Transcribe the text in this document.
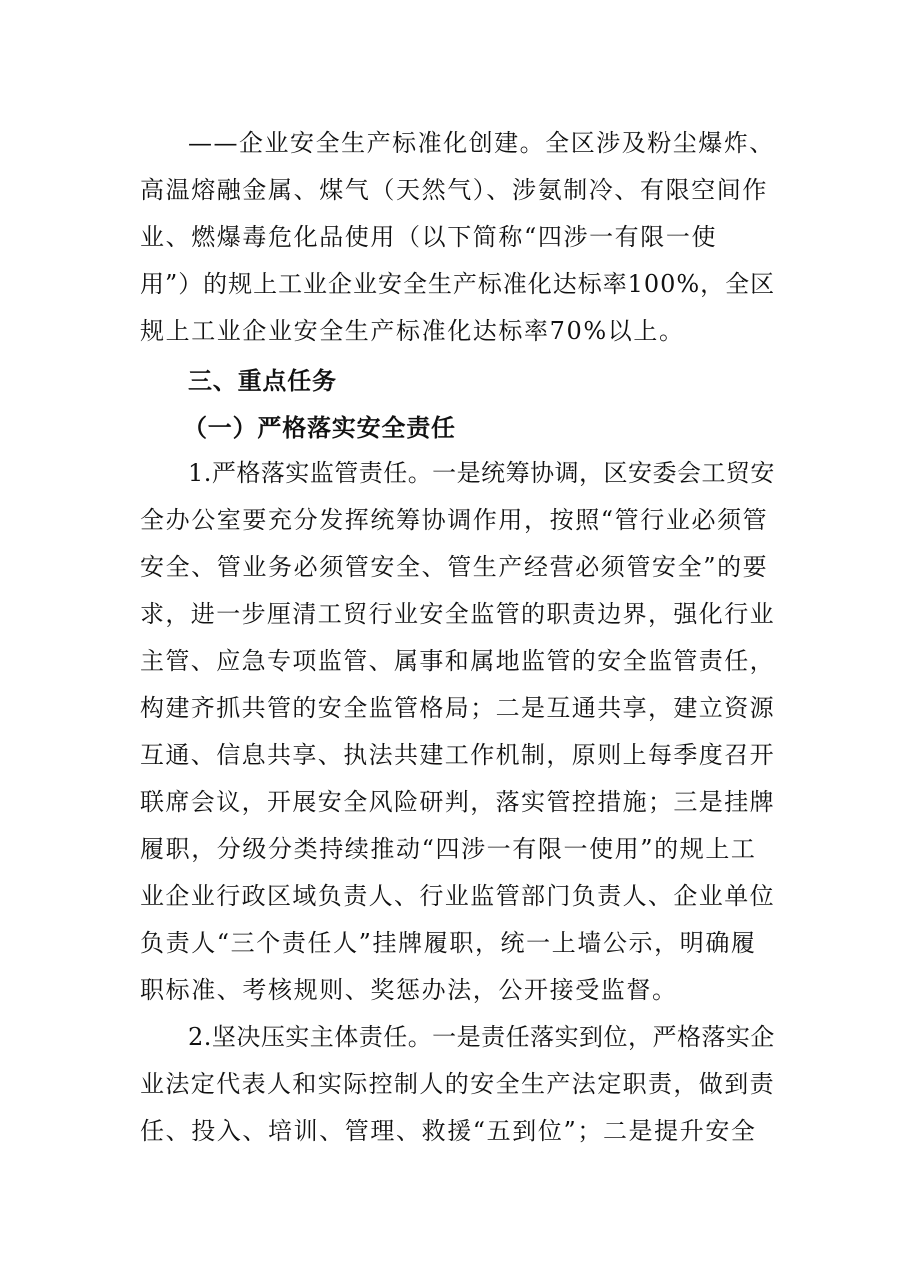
——企业安全生产标准化创建。全区涉及粉尘爆炸、
高温熔融金属、煤气（天然气）、涉氨制冷、有限空间作
业、燃爆毒危化品使用（以下简称“四涉一有限一使
用”）的规上工业企业安全生产标准化达标率100%，全区
规上工业企业安全生产标准化达标率70%以上。
三、重点任务
（一）严格落实安全责任
1.严格落实监管责任。一是统筹协调，区安委会工贸安
全办公室要充分发挥统筹协调作用，按照“管行业必须管
安全、管业务必须管安全、管生产经营必须管安全”的要
求，进一步厘清工贸行业安全监管的职责边界，强化行业
主管、应急专项监管、属事和属地监管的安全监管责任，
构建齐抓共管的安全监管格局；二是互通共享，建立资源
互通、信息共享、执法共建工作机制，原则上每季度召开
联席会议，开展安全风险研判，落实管控措施；三是挂牌
履职，分级分类持续推动“四涉一有限一使用”的规上工
业企业行政区域负责人、行业监管部门负责人、企业单位
负责人“三个责任人”挂牌履职，统一上墙公示，明确履
职标准、考核规则、奖惩办法，公开接受监督。
2.坚决压实主体责任。一是责任落实到位，严格落实企
业法定代表人和实际控制人的安全生产法定职责，做到责
任、投入、培训、管理、救援“五到位”；二是提升安全
